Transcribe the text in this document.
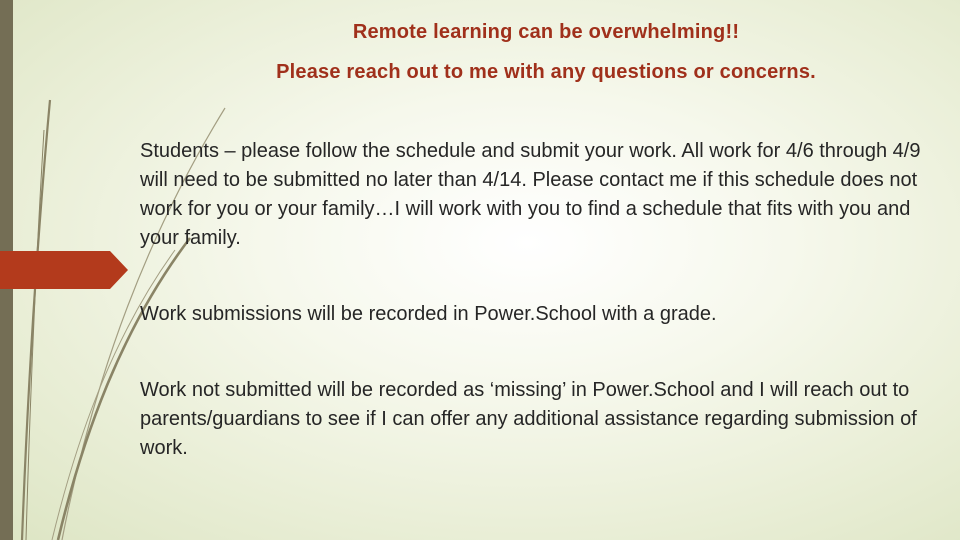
Remote learning can be overwhelming!!
Please reach out to me with any questions or concerns.

Students – please follow the schedule and submit your work. All work for 4/6 through 4/9 will need to be submitted no later than 4/14. Please contact me if this schedule does not work for you or your family…I will work with you to find a schedule that fits with you and your family.

Work submissions will be recorded in Power.School with a grade.

Work not submitted will be recorded as ‘missing’ in Power.School and I will reach out to parents/guardians to see if I can offer any additional assistance regarding submission of work.
